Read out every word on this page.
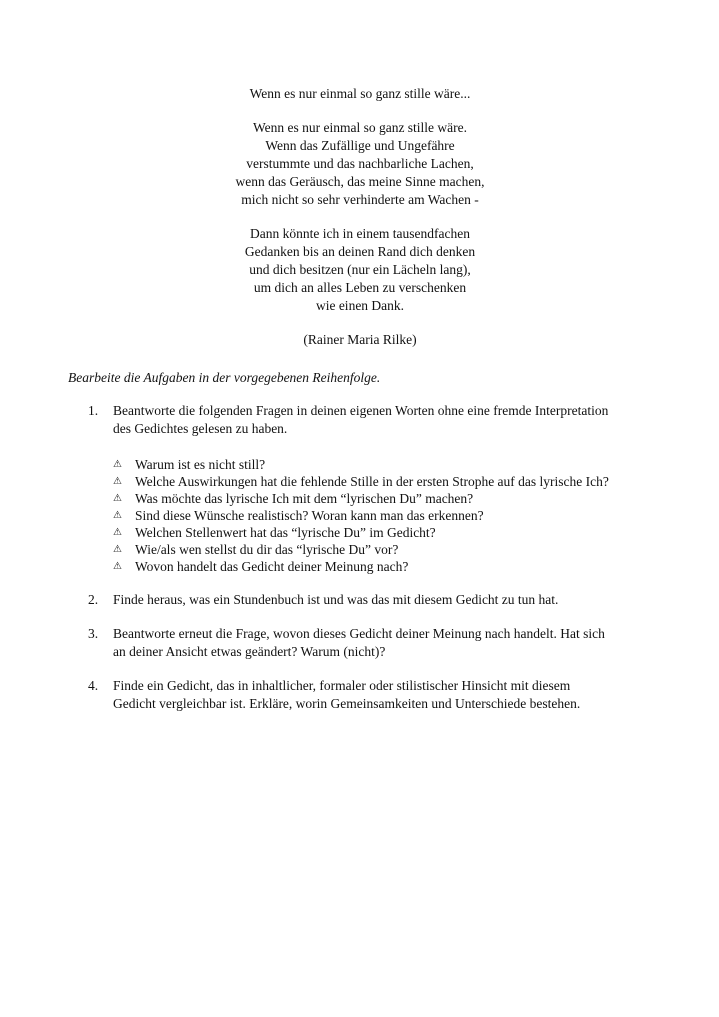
Wenn es nur einmal so ganz stille wäre...
Wenn es nur einmal so ganz stille wäre.
Wenn das Zufällige und Ungefähre
verstummte und das nachbarliche Lachen,
wenn das Geräusch, das meine Sinne machen,
mich nicht so sehr verhinderte am Wachen -
Dann könnte ich in einem tausendfachen
Gedanken bis an deinen Rand dich denken
und dich besitzen (nur ein Lächeln lang),
um dich an alles Leben zu verschenken
wie einen Dank.
(Rainer Maria Rilke)
Bearbeite die Aufgaben in der vorgegebenen Reihenfolge.
1. Beantworte die folgenden Fragen in deinen eigenen Worten ohne eine fremde Interpretation
des Gedichtes gelesen zu haben.
⚠ Warum ist es nicht still?
⚠ Welche Auswirkungen hat die fehlende Stille in der ersten Strophe auf das lyrische Ich?
⚠ Was möchte das lyrische Ich mit dem “lyrischen Du” machen?
⚠ Sind diese Wünsche realistisch? Woran kann man das erkennen?
⚠ Welchen Stellenwert hat das “lyrische Du” im Gedicht?
⚠ Wie/als wen stellst du dir das “lyrische Du” vor?
⚠ Wovon handelt das Gedicht deiner Meinung nach?
2. Finde heraus, was ein Stundenbuch ist und was das mit diesem Gedicht zu tun hat.
3. Beantworte erneut die Frage, wovon dieses Gedicht deiner Meinung nach handelt. Hat sich
an deiner Ansicht etwas geändert? Warum (nicht)?
4. Finde ein Gedicht, das in inhaltlicher, formaler oder stilistischer Hinsicht mit diesem
Gedicht vergleichbar ist. Erkläre, worin Gemeinsamkeiten und Unterschiede bestehen.
